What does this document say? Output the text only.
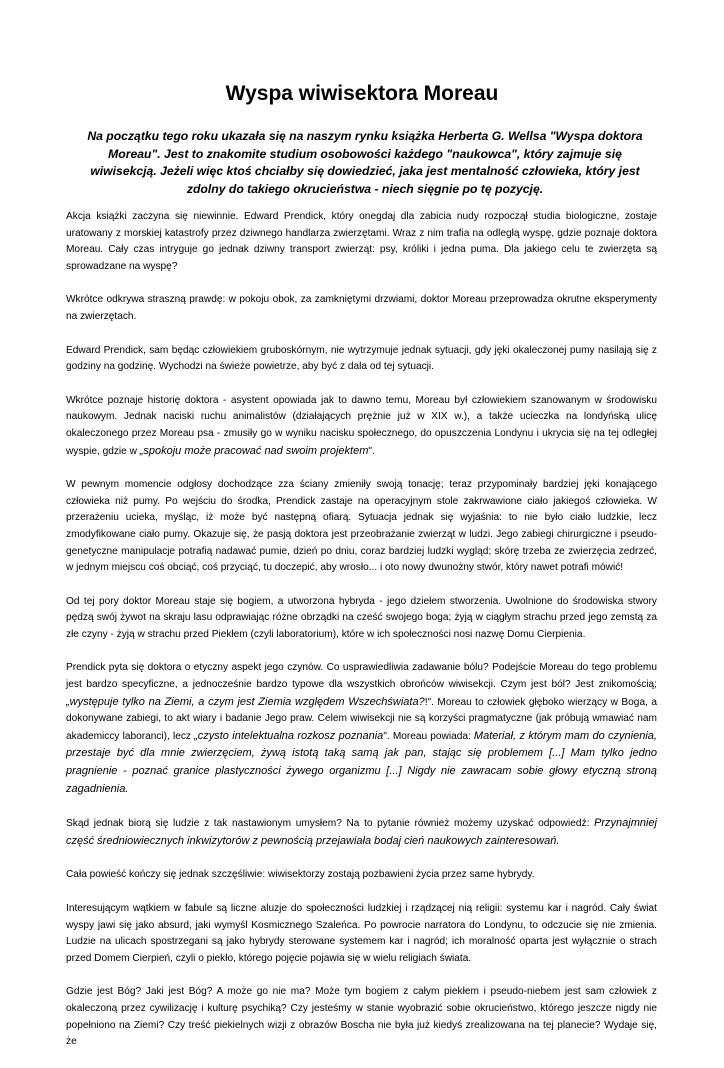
Wyspa wiwisektora Moreau

Na początku tego roku ukazała się na naszym rynku książka Herberta G. Wellsa "Wyspa doktora Moreau". Jest to znakomite studium osobowości każdego "naukowca", który zajmuje się wiwisekcją. Jeżeli więc ktoś chciałby się dowiedzieć, jaka jest mentalność człowieka, który jest zdolny do takiego okrucieństwa - niech sięgnie po tę pozycję.

Akcja książki zaczyna się niewinnie. Edward Prendick, który onegdaj dla zabicia nudy rozpoczął studia biologiczne, zostaje uratowany z morskiej katastrofy przez dziwnego handlarza zwierzętami. Wraz z nim trafia na odległą wyspę, gdzie poznaje doktora Moreau. Cały czas intryguje go jednak dziwny transport zwierząt: psy, króliki i jedna puma. Dla jakiego celu te zwierzęta są sprowadzane na wyspę?

Wkrótce odkrywa straszną prawdę: w pokoju obok, za zamkniętymi drzwiami, doktor Moreau przeprowadza okrutne eksperymenty na zwierzętach.

Edward Prendick, sam będąc człowiekiem gruboskórnym, nie wytrzymuje jednak sytuacji, gdy jęki okaleczonej pumy nasilają się z godziny na godzinę. Wychodzi na świeże powietrze, aby być z dala od tej sytuacji.

Wkrótce poznaje historię doktora - asystent opowiada jak to dawno temu, Moreau był człowiekiem szanowanym w środowisku naukowym. Jednak naciski ruchu animalistów (działających prężnie już w XIX w.), a także ucieczka na londyńską ulicę okaleczonego przez Moreau psa - zmusiły go w wyniku nacisku społecznego, do opuszczenia Londynu i ukrycia się na tej odległej wyspie, gdzie w „spokoju może pracować nad swoim projektem".

W pewnym momencie odgłosy dochodzące zza ściany zmieniły swoją tonację; teraz przypominały bardziej jęki konającego człowieka niż pumy. Po wejściu do środka, Prendick zastaje na operacyjnym stole zakrwawione ciało jakiegoś człowieka. W przerażeniu ucieka, myśląc, iż może być następną ofiarą. Sytuacja jednak się wyjaśnia: to nie było ciało ludzkie, lecz zmodyfikowane ciało pumy. Okazuje się, że pasją doktora jest przeobrażanie zwierząt w ludzi. Jego zabiegi chirurgiczne i pseudo-genetyczne manipulacje potrafią nadawać pumie, dzień po dniu, coraz bardziej ludzki wygląd; skórę trzeba ze zwierzęcia zedrzeć, w jednym miejscu coś obciąć, coś przyciąć, tu doczepić, aby wrosło... i oto nowy dwunożny stwór, który nawet potrafi mówić!

Od tej pory doktor Moreau staje się bogiem, a utworzona hybryda - jego dziełem stworzenia. Uwolnione do środowiska stwory pędzą swój żywot na skraju lasu odprawiając różne obrządki na cześć swojego boga; żyją w ciągłym strachu przed jego zemstą za złe czyny - żyją w strachu przed Piekłem (czyli laboratorium), które w ich społeczności nosi nazwę Domu Cierpienia.

Prendick pyta się doktora o etyczny aspekt jego czynów. Co usprawiedliwia zadawanie bólu? Podejście Moreau do tego problemu jest bardzo specyficzne, a jednocześnie bardzo typowe dla wszystkich obrońców wiwisekcji. Czym jest ból? Jest znikomością; „występuje tylko na Ziemi, a czym jest Ziemia względem Wszechświata?!". Moreau to człowiek głęboko wierzący w Boga, a dokonywane zabiegi, to akt wiary i badanie Jego praw. Celem wiwisekcji nie są korzyści pragmatyczne (jak próbują wmawiać nam akademiccy laboranci), lecz „czysto intelektualna rozkosz poznania". Moreau powiada: Materiał, z którym mam do czynienia, przestaje być dla mnie zwierzęciem, żywą istotą taką samą jak pan, stając się problemem [...] Mam tylko jedno pragnienie - poznać granice plastyczności żywego organizmu [...] Nigdy nie zawracam sobie głowy etyczną stroną zagadnienia.

Skąd jednak biorą się ludzie z tak nastawionym umysłem? Na to pytanie również możemy uzyskać odpowiedź: Przynajmniej część średniowiecznych inkwizytorów z pewnością przejawiała bodaj cień naukowych zainteresowań.

Cała powieść kończy się jednak szczęśliwie: wiwisektorzy zostają pozbawieni życia przez same hybrydy.

Interesującym wątkiem w fabule są liczne aluzje do społeczności ludzkiej i rządzącej nią religii: systemu kar i nagród. Cały świat wyspy jawi się jako absurd, jaki wymyśl Kosmicznego Szaleńca. Po powrocie narratora do Londynu, to odczucie się nie zmienia. Ludzie na ulicach spostrzegani są jako hybrydy sterowane systemem kar i nagród; ich moralność oparta jest wyłącznie o strach przed Domem Cierpień, czyli o piekło, którego pojęcie pojawia się w wielu religiach świata.

Gdzie jest Bóg? Jaki jest Bóg? A może go nie ma? Może tym bogiem z całym piekłem i pseudo-niebem jest sam człowiek z okaleczoną przez cywilizację i kulturę psychiką? Czy jesteśmy w stanie wyobrazić sobie okrucieństwo, którego jeszcze nigdy nie popełniono na Ziemi? Czy treść piekielnych wizji z obrazów Boscha nie była już kiedyś zrealizowana na tej planecie? Wydaje się, że
